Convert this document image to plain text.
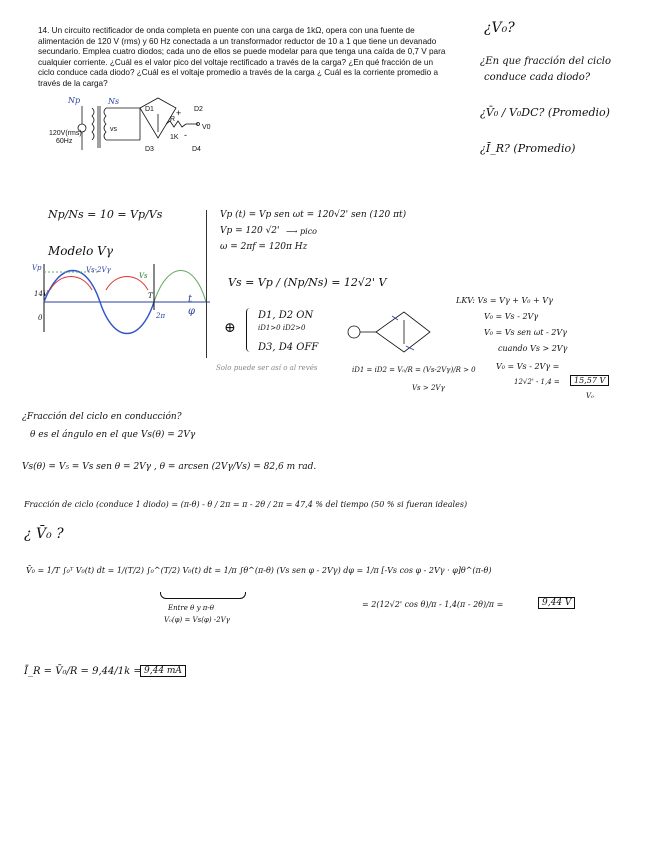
14. Un circuito rectificador de onda completa en puente con una carga de 1kΩ, opera con una fuente de alimentación de 120 V (rms) y 60 Hz conectada a un transformador reductor de 10 a 1 que tiene un devanado secundario. Emplea cuatro diodos; cada uno de ellos se puede modelar para que tenga una caída de 0,7 V para cualquier corriente. ¿Cuál es el valor pico del voltaje rectificado a través de la carga? ¿En qué fracción de un ciclo conduce cada diodo? ¿Cuál es el voltaje promedio a través de la carga ¿ Cuál es la corriente promedio a través de la carga?
Np	Ns
120V(rms)
60Hz
vs
D1	D2
D3	D4
R
1K
V0
+
-
¿V₀?
¿En que fracción del ciclo
conduce cada diodo?
¿V̄₀ / V₀DC? (Promedio)
¿Ī_R? (Promedio)
Np/Ns = 10 = Vp/Vs
Modelo Vγ
Vp	Vs-2Vγ
Vs
14V
0
T
2π
t
φ
Vp (t) = Vp sen ωt = 120√2' sen (120 πt)
Vp = 120 √2' ⟶ pico
ω = 2πf = 120π Hz
Vs = Vp / (Np/Ns) = 12√2' V
⊕
D1, D2 ON
iD1>0 iD2>0
D3, D4 OFF
Solo puede ser así o al revés
LKV: Vs = Vγ + V₀ + Vγ
V₀ = Vs - 2Vγ
V₀ = Vs sen ωt - 2Vγ
cuando Vs > 2Vγ
V₀ = Vs - 2Vγ =
12√2' - 1,4 =	15,57 V
V₀
iD1 = iD2 = V₀/R = (Vs-2Vγ)/R > 0
Vs > 2Vγ
¿Fracción del ciclo en conducción?
θ es el ángulo en el que Vs(θ) = 2Vγ
Vs(θ) = V₅ = Vs sen θ = 2Vγ , θ = arcsen (2Vγ/Vs) = 82,6 m rad.
Fracción de ciclo (conduce 1 diodo) = (π-θ) - θ / 2π = π - 2θ / 2π = 47,4 % del tiempo (50 % si fueran ideales)
¿ V̄₀ ?
V̄₀ = 1/T ∫₀ᵀ V₀(t) dt = 1/(T/2) ∫₀^(T/2) V₀(t) dt = 1/π ∫θ^(π-θ) (Vs sen φ - 2Vγ) dφ = 1/π [-Vs cos φ - 2Vγ · φ]θ^(π-θ)
Entre θ y π-θ
V₀(φ) = Vs(φ) -2Vγ
= 2(12√2' cos θ)/π - 1,4(π - 2θ)/π =	9,44 V
Ī_R = V̄₀/R = 9,44/1k = 9,44 mA
